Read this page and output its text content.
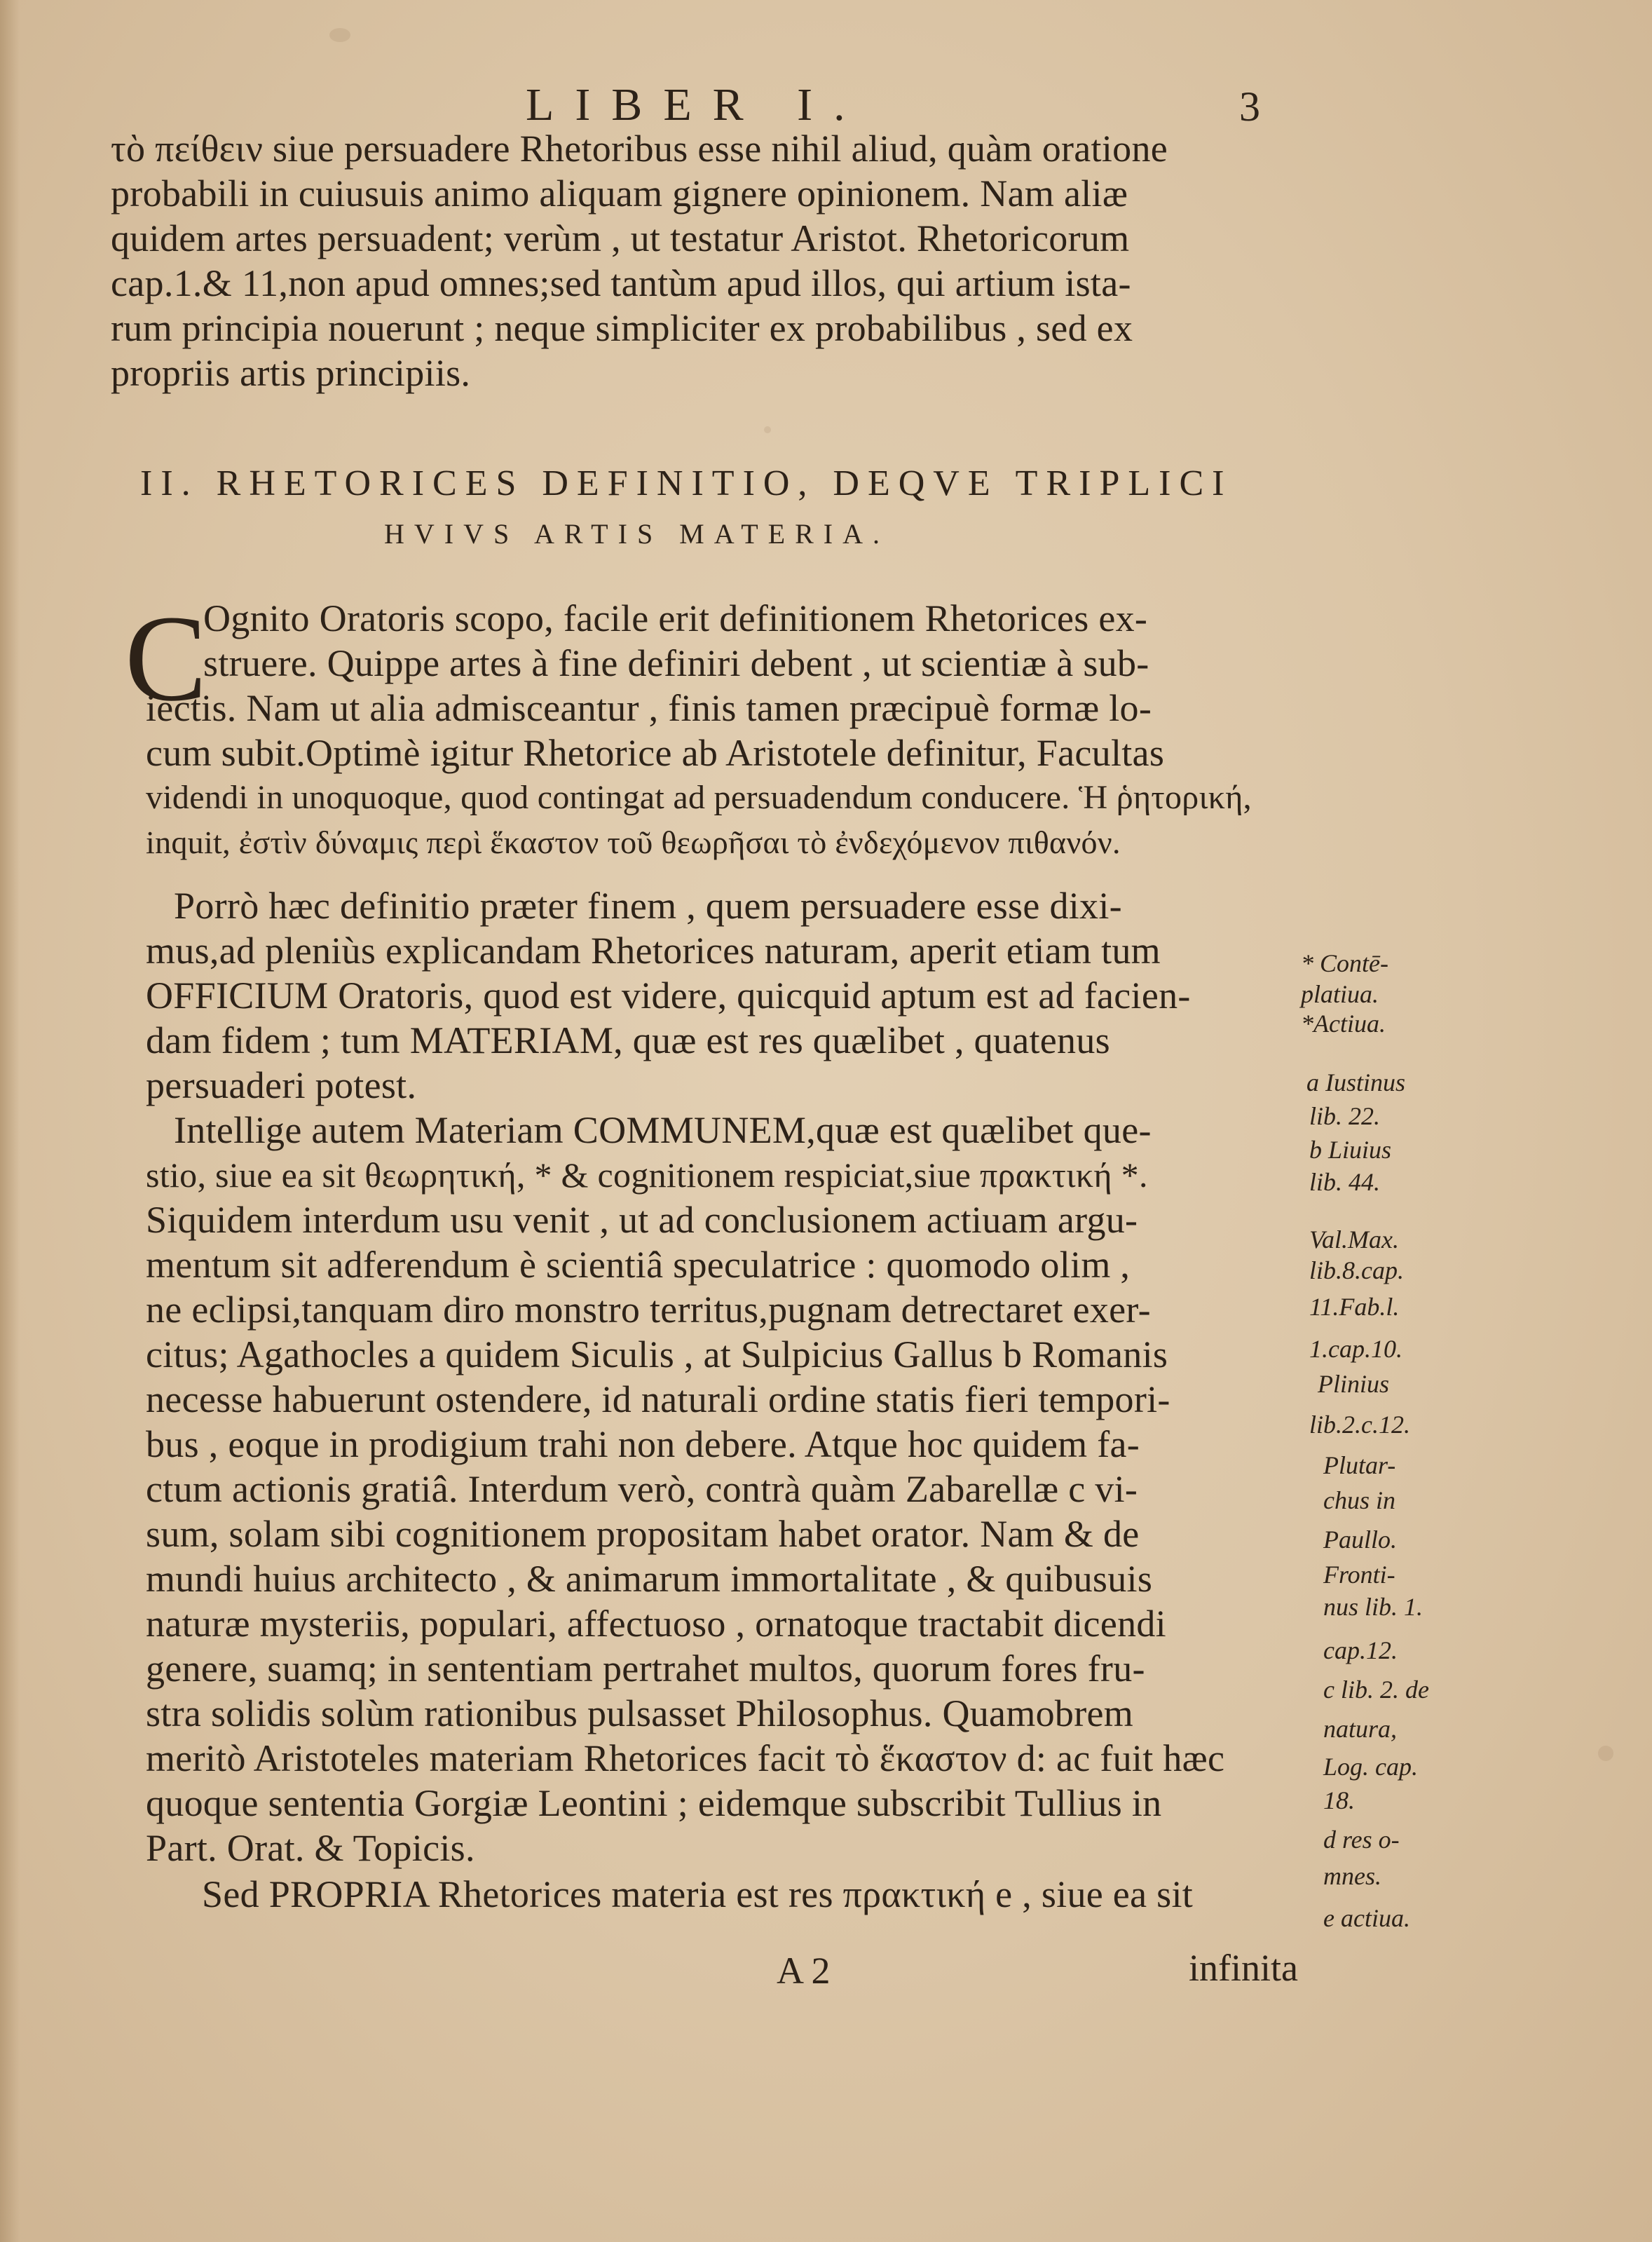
LIBER I.	3
τὸ πείθειν siue persuadere Rhetoribus esse nihil aliud, quàm oratione
probabili in cuiusuis animo aliquam gignere opinionem. Nam aliæ
quidem artes persuadent; verùm , ut testatur Aristot. Rhetoricorum
cap.1.& 11,non apud omnes;sed tantùm apud illos, qui artium ista-
rum principia nouerunt ; neque simpliciter ex probabilibus , sed ex
propriis artis principiis.
II. RHETORICES DEFINITIO, DEQVE TRIPLICI
HVIVS ARTIS MATERIA.
C
Ognito Oratoris scopo, facile erit definitionem Rhetorices ex-
struere. Quippe artes à fine definiri debent , ut scientiæ à sub-
iectis. Nam ut alia admisceantur , finis tamen præcipuè formæ lo-
cum subit.Optimè igitur Rhetorice ab Aristotele definitur, Facultas
videndi in unoquoque, quod contingat ad persuadendum conducere. Ἡ ῥητορική,
inquit, ἐστὶν δύναμις περὶ ἕκαστον τοῦ θεωρῆσαι τὸ ἐνδεχόμενον πιθανόν.
Porrò hæc definitio præter finem , quem persuadere esse dixi-
mus,ad pleniùs explicandam Rhetorices naturam, aperit etiam tum
OFFICIUM Oratoris, quod est videre, quicquid aptum est ad facien-
dam fidem ; tum MATERIAM, quæ est res quælibet , quatenus
persuaderi potest.
Intellige autem Materiam COMMUNEM,quæ est quælibet que-
stio, siue ea sit θεωρητική, * & cognitionem respiciat,siue πρακτική *.
Siquidem interdum usu venit , ut ad conclusionem actiuam argu-
mentum sit adferendum è scientiâ speculatrice : quomodo olim ,
ne eclipsi,tanquam diro monstro territus,pugnam detrectaret exer-
citus; Agathocles a quidem Siculis , at Sulpicius Gallus b Romanis
necesse habuerunt ostendere, id naturali ordine statis fieri tempori-
bus , eoque in prodigium trahi non debere. Atque hoc quidem fa-
ctum actionis gratiâ. Interdum verò, contrà quàm Zabarellæ c vi-
sum, solam sibi cognitionem propositam habet orator. Nam & de
mundi huius architecto , & animarum immortalitate , & quibusuis
naturæ mysteriis, populari, affectuoso , ornatoque tractabit dicendi
genere, suamq; in sententiam pertrahet multos, quorum fores fru-
stra solidis solùm rationibus pulsasset Philosophus. Quamobrem
meritò Aristoteles materiam Rhetorices facit τὸ ἕκαστον d: ac fuit hæc
quoque sententia Gorgiæ Leontini ; eidemque subscribit Tullius in
Part. Orat. & Topicis.
Sed PROPRIA Rhetorices materia est res πρακτική e , siue ea sit
* Contē-
platiua.
*Actiua.
a Iustinus
lib. 22.
b Liuius
lib. 44.
Val.Max.
lib.8.cap.
11.Fab.l.
1.cap.10.
Plinius
lib.2.c.12.
Plutar-
chus in
Paullo.
Fronti-
nus lib. 1.
cap.12.
c lib. 2. de
natura,
Log. cap.
18.
d res o-
mnes.
e actiua.
A 2	infinita
